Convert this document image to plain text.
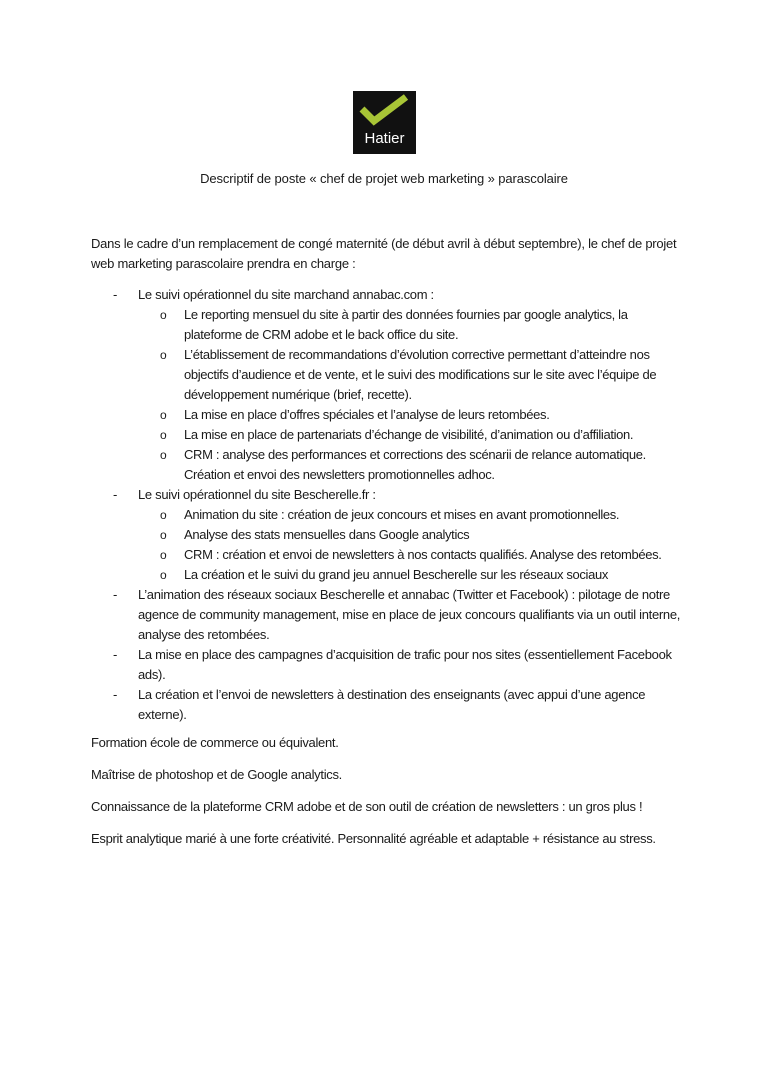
Hatier
Descriptif de poste « chef de projet web marketing » parascolaire

Dans le cadre d’un remplacement de congé maternité (de début avril à début septembre), le chef de projet web marketing parascolaire prendra en charge :

- Le suivi opérationnel du site marchand annabac.com :
o Le reporting mensuel du site à partir des données fournies par google analytics, la plateforme de CRM adobe et le back office du site.
o L’établissement de recommandations d’évolution corrective permettant d’atteindre nos objectifs d’audience et de vente, et le suivi des modifications sur le site avec l’équipe de développement numérique (brief, recette).
o La mise en place d’offres spéciales et l’analyse de leurs retombées.
o La mise en place de partenariats d’échange de visibilité, d’animation ou d’affiliation.
o CRM : analyse des performances et corrections des scénarii de relance automatique. Création et envoi des newsletters promotionnelles adhoc.
- Le suivi opérationnel du site Bescherelle.fr :
o Animation du site : création de jeux concours et mises en avant promotionnelles.
o Analyse des stats mensuelles dans Google analytics
o CRM : création et envoi de newsletters à nos contacts qualifiés. Analyse des retombées.
o La création et le suivi du grand jeu annuel Bescherelle sur les réseaux sociaux
- L’animation des réseaux sociaux Bescherelle et annabac (Twitter et Facebook) : pilotage de notre agence de community management, mise en place de jeux concours qualifiants via un outil interne, analyse des retombées.
- La mise en place des campagnes d’acquisition de trafic pour nos sites (essentiellement Facebook ads).
- La création et l’envoi de newsletters à destination des enseignants (avec appui d’une agence externe).

Formation école de commerce ou équivalent.

Maîtrise de photoshop et de Google analytics.

Connaissance de la plateforme CRM adobe et de son outil de création de newsletters : un gros plus !

Esprit analytique marié à une forte créativité. Personnalité agréable et adaptable + résistance au stress.
